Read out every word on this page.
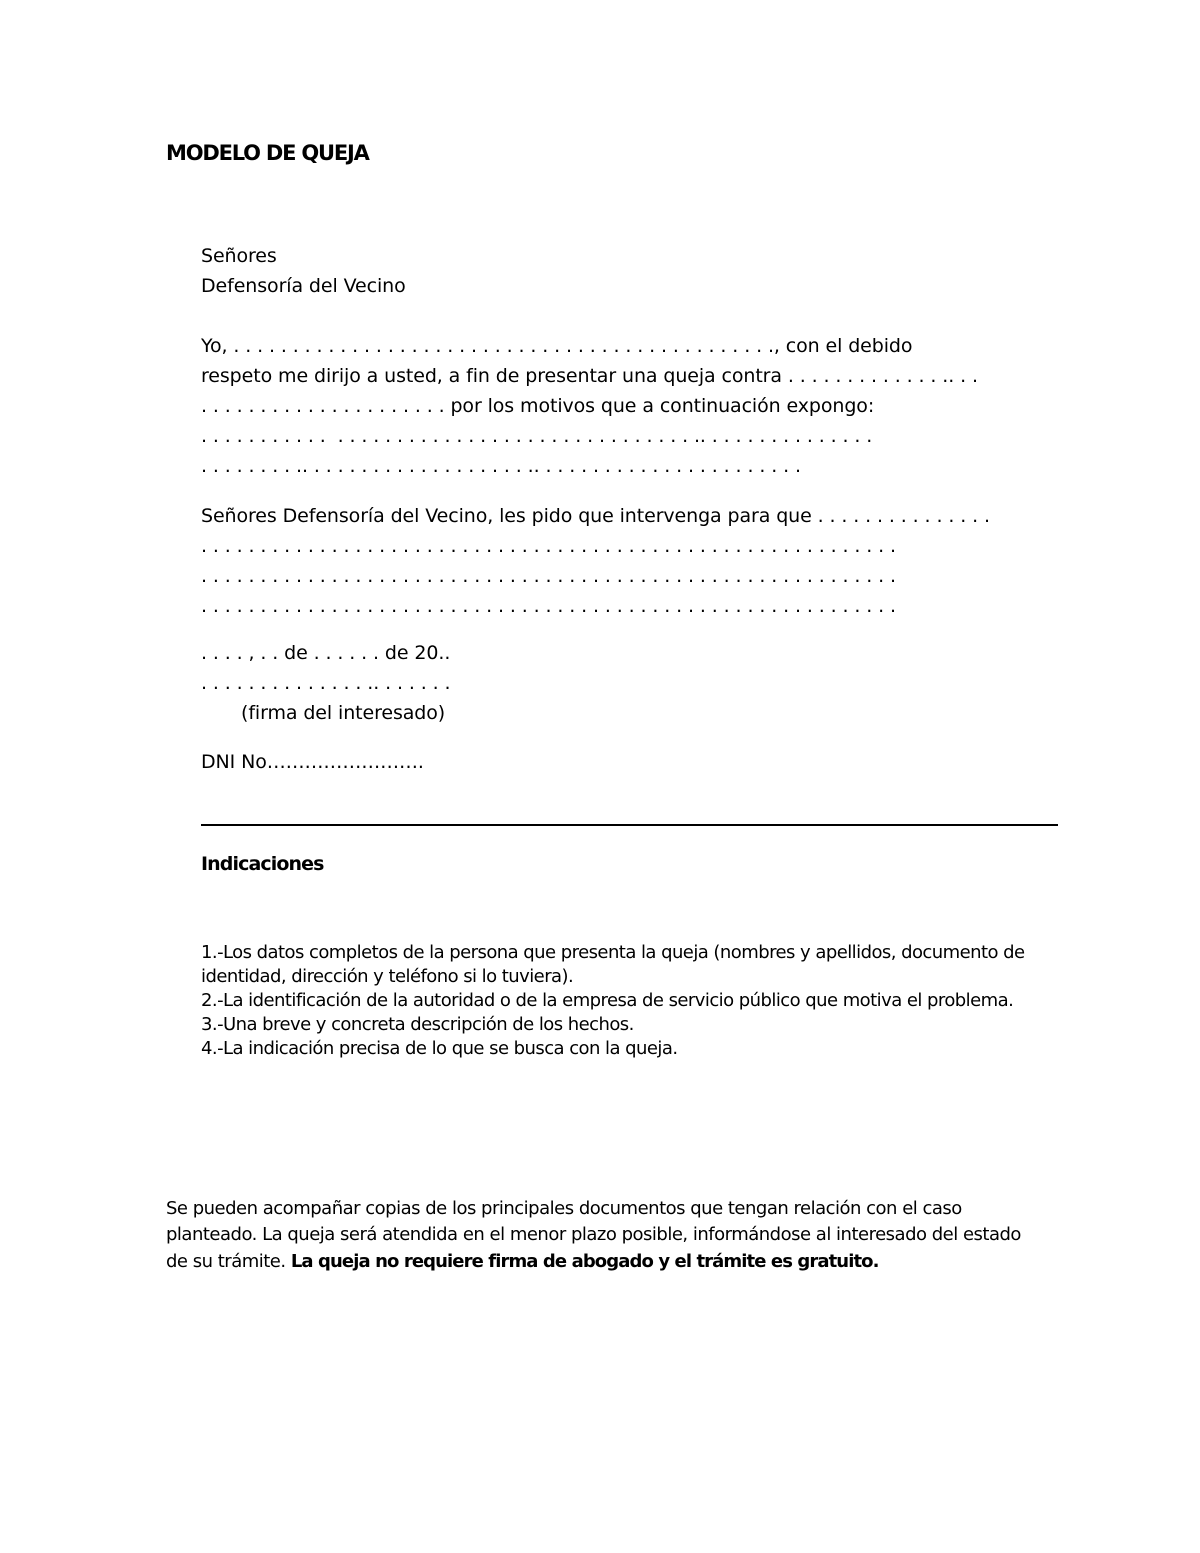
MODELO DE QUEJA
Señores
Defensoría del Vecino
Yo, . . . . . . . . . . . . . . . . . . . . . . . . . . . . . . . . . . . . . . . . . . . . . ., con el debido
respeto me dirijo a usted, a fin de presentar una queja contra . . . . . . . . . . . . . .. . .
. . . . . . . . . . . . . . . . . . . . . por los motivos que a continuación expongo:
. . . . . . . . . . .  . . . . . . . . . . . . . . . . . . . . . . . . . . . . . . .. . . . . . . . . . . . . . .
. . . . . . . . .. . . . . . . . . . . . . . . . . . . .. . . . . . . . . . . . . . . . . . . . . . .
Señores Defensoría del Vecino, les pido que intervenga para que . . . . . . . . . . . . . . .
. . . . . . . . . . . . . . . . . . . . . . . . . . . . . . . . . . . . . . . . . . . . . . . . . . . . . . . . . . .
. . . . . . . . . . . . . . . . . . . . . . . . . . . . . . . . . . . . . . . . . . . . . . . . . . . . . . . . . . .
. . . . . . . . . . . . . . . . . . . . . . . . . . . . . . . . . . . . . . . . . . . . . . . . . . . . . . . . . . .
. . . . , . . de . . . . . . de 20..
. . . . . . . . . . . . . . .. . . . . . .
(firma del interesado)
DNI No…………………….
Indicaciones
1.-Los datos completos de la persona que presenta la queja (nombres y apellidos, documento de
identidad, dirección y teléfono si lo tuviera).
2.-La identificación de la autoridad o de la empresa de servicio público que motiva el problema.
3.-Una breve y concreta descripción de los hechos.
4.-La indicación precisa de lo que se busca con la queja.
Se pueden acompañar copias de los principales documentos que tengan relación con el caso
planteado. La queja será atendida en el menor plazo posible, informándose al interesado del estado
de su trámite. La queja no requiere firma de abogado y el trámite es gratuito.
